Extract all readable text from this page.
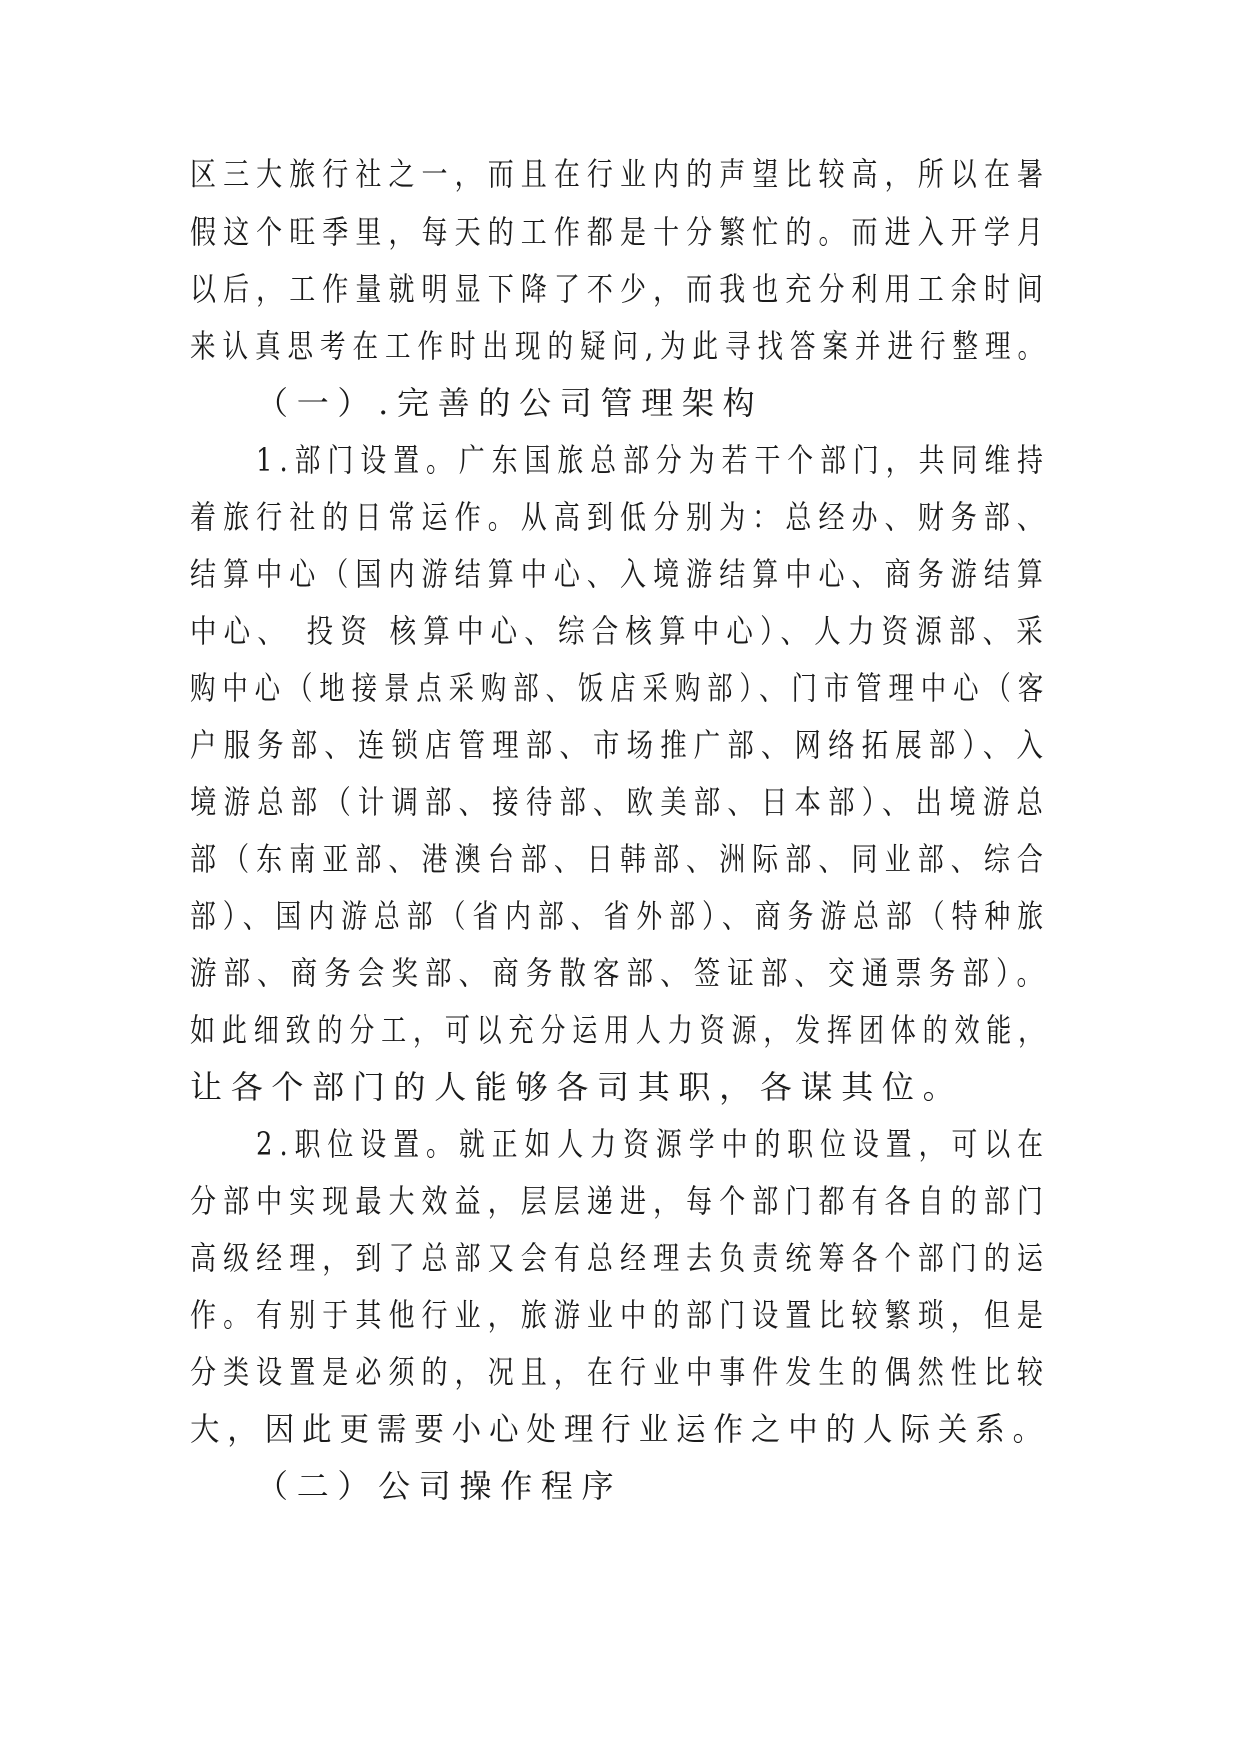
区三大旅行社之一，而且在行业内的声望比较高，所以在暑
假这个旺季里，每天的工作都是十分繁忙的。而进入开学月
以后，工作量就明显下降了不少，而我也充分利用工余时间
来认真思考在工作时出现的疑问,为此寻找答案并进行整理。
（一）.完善的公司管理架构
1.部门设置。广东国旅总部分为若干个部门，共同维持
着旅行社的日常运作。从高到低分别为：总经办、财务部、
结算中心（国内游结算中心、入境游结算中心、商务游结算
中心、 投资 核算中心、综合核算中心）、人力资源部、采
购中心（地接景点采购部、饭店采购部）、门市管理中心（客
户服务部、连锁店管理部、市场推广部、网络拓展部）、入
境游总部（计调部、接待部、欧美部、日本部）、出境游总
部（东南亚部、港澳台部、日韩部、洲际部、同业部、综合
部）、国内游总部（省内部、省外部）、商务游总部（特种旅
游部、商务会奖部、商务散客部、签证部、交通票务部）。
如此细致的分工，可以充分运用人力资源，发挥团体的效能，
让各个部门的人能够各司其职，各谋其位。
2.职位设置。就正如人力资源学中的职位设置，可以在
分部中实现最大效益，层层递进，每个部门都有各自的部门
高级经理，到了总部又会有总经理去负责统筹各个部门的运
作。有别于其他行业，旅游业中的部门设置比较繁琐，但是
分类设置是必须的，况且，在行业中事件发生的偶然性比较
大，因此更需要小心处理行业运作之中的人际关系。
（二）公司操作程序
